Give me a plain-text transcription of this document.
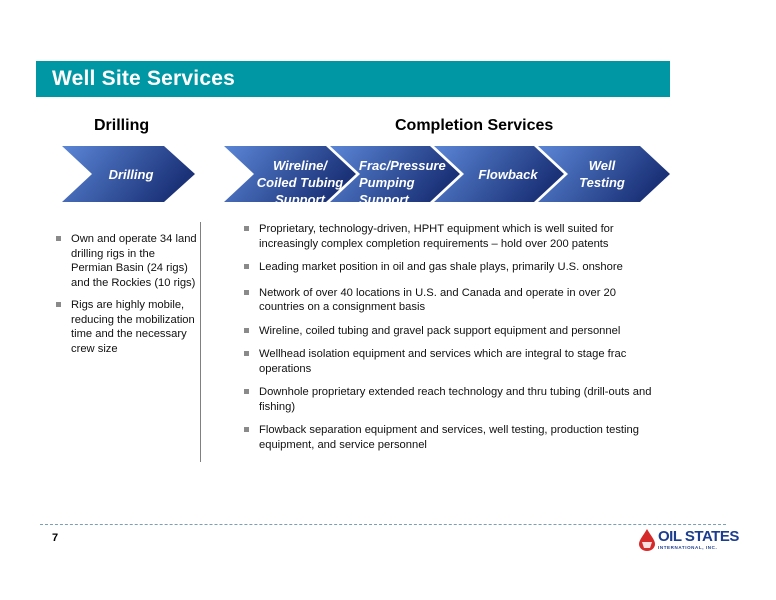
Well Site Services
Drilling	Completion Services
Drilling
Wireline/
Coiled Tubing
Support
Frac/Pressure
Pumping
Support
Flowback
Well
Testing
Own and operate 34 land drilling rigs in the Permian Basin (24 rigs) and the Rockies (10 rigs)
Rigs are highly mobile, reducing the mobilization time and the necessary crew size
Proprietary, technology-driven, HPHT equipment which is well suited for increasingly complex completion requirements – hold over 200 patents
Leading market position in oil and gas shale plays, primarily U.S. onshore
Network of over 40 locations in U.S. and Canada and operate in over 20 countries on a consignment basis
Wireline, coiled tubing and gravel pack support equipment and personnel
Wellhead isolation equipment and services which are integral to stage frac operations
Downhole proprietary extended reach technology and thru tubing (drill-outs and fishing)
Flowback separation equipment and services, well testing, production testing equipment, and service personnel
7	OIL STATES
INTERNATIONAL, INC.
